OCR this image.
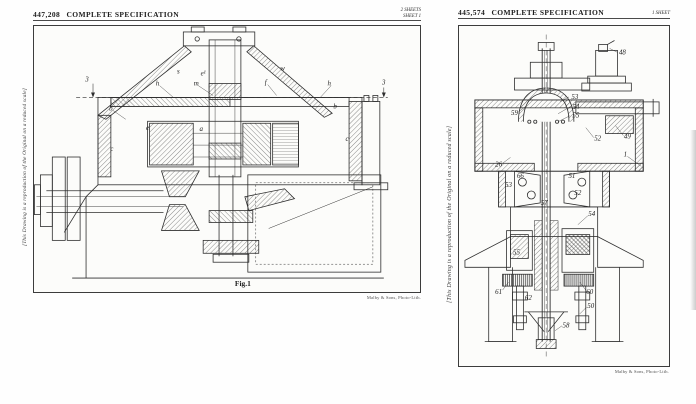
447,208 COMPLETE SPECIFICATION	2 SHEETS
SHEET 1
[This Drawing is a reproduction of the Original on a reduced scale]
3	3
s
m
h	h
b	b
e
e¹
a
c
c
f
w
Fig.1
Malby & Sons, Photo-Lith.
445,574 COMPLETE SPECIFICATION	1 SHEET
[This Drawing is a reproduction of the Original on a reduced scale]
48
59
53
54
55
49
52
1
26
66
53
51
52
57
54
55
61
62
60
50
58
Malby & Sons, Photo-Lith.
